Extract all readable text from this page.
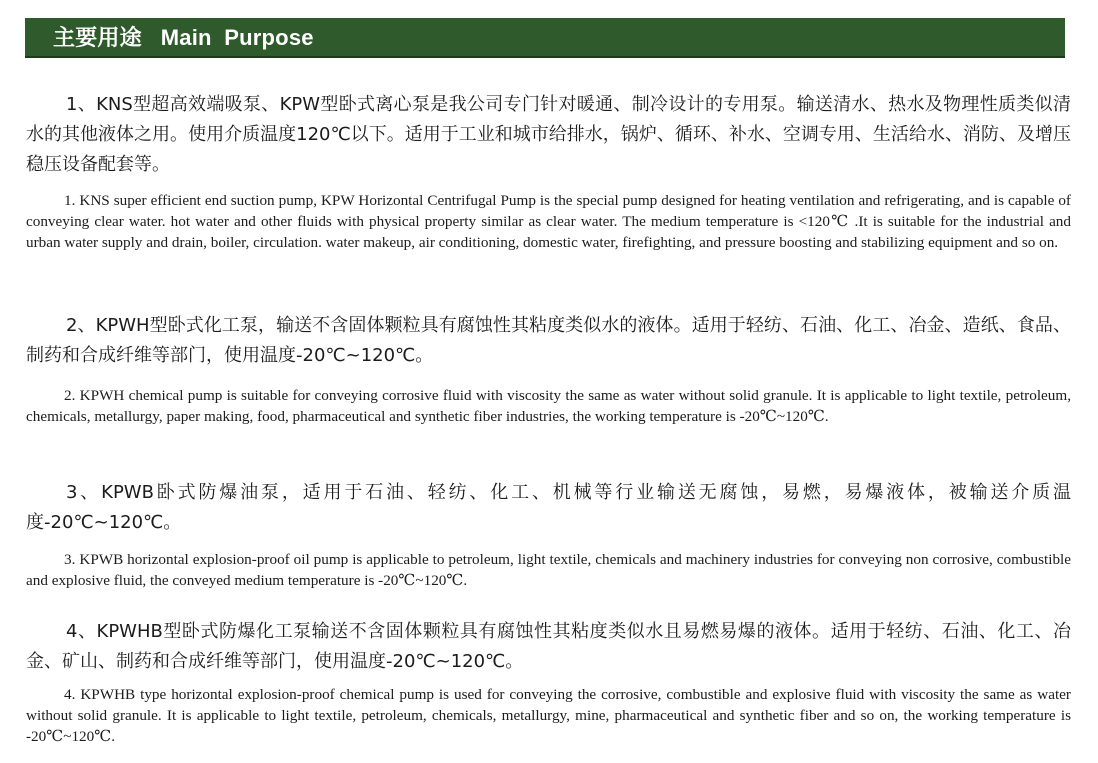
主要用途   Main  Purpose

1、KNS型超高效端吸泵、KPW型卧式离心泵是我公司专门针对暖通、制冷设计的专用泵。输送清水、热水及物理性质类似清水的其他液体之用。使用介质温度120℃以下。适用于工业和城市给排水，锅炉、循环、补水、空调专用、生活给水、消防、及增压稳压设备配套等。

1. KNS super efficient end suction pump, KPW Horizontal Centrifugal Pump is the special pump designed for heating ventilation and refrigerating, and is capable of conveying clear water. hot water and other fluids with physical property similar as clear water. The medium temperature is <120℃ .It is suitable for the industrial and urban water supply and drain, boiler, circulation. water makeup, air conditioning, domestic water, firefighting, and pressure boosting and stabilizing equipment and so on.

2、KPWH型卧式化工泵，输送不含固体颗粒具有腐蚀性其粘度类似水的液体。适用于轻纺、石油、化工、冶金、造纸、食品、制药和合成纤维等部门，使用温度-20℃~120℃。

2. KPWH chemical pump is suitable for conveying corrosive fluid with viscosity the same as water without solid granule. It is applicable to light textile, petroleum, chemicals, metallurgy, paper making, food, pharmaceutical and synthetic fiber industries, the working temperature is -20℃~120℃.

3、KPWB卧式防爆油泵，适用于石油、轻纺、化工、机械等行业输送无腐蚀，易燃，易爆液体，被输送介质温度-20℃~120℃。

3. KPWB horizontal explosion-proof oil pump is applicable to petroleum, light textile, chemicals and machinery industries for conveying non corrosive, combustible and explosive fluid, the conveyed medium temperature is -20℃~120℃.

4、KPWHB型卧式防爆化工泵输送不含固体颗粒具有腐蚀性其粘度类似水且易燃易爆的液体。适用于轻纺、石油、化工、冶金、矿山、制药和合成纤维等部门，使用温度-20℃~120℃。

4. KPWHB type horizontal explosion-proof chemical pump is used for conveying the corrosive, combustible and explosive fluid with viscosity the same as water without solid granule. It is applicable to light textile, petroleum, chemicals, metallurgy, mine, pharmaceutical and synthetic fiber and so on, the working temperature is -20℃~120℃.
